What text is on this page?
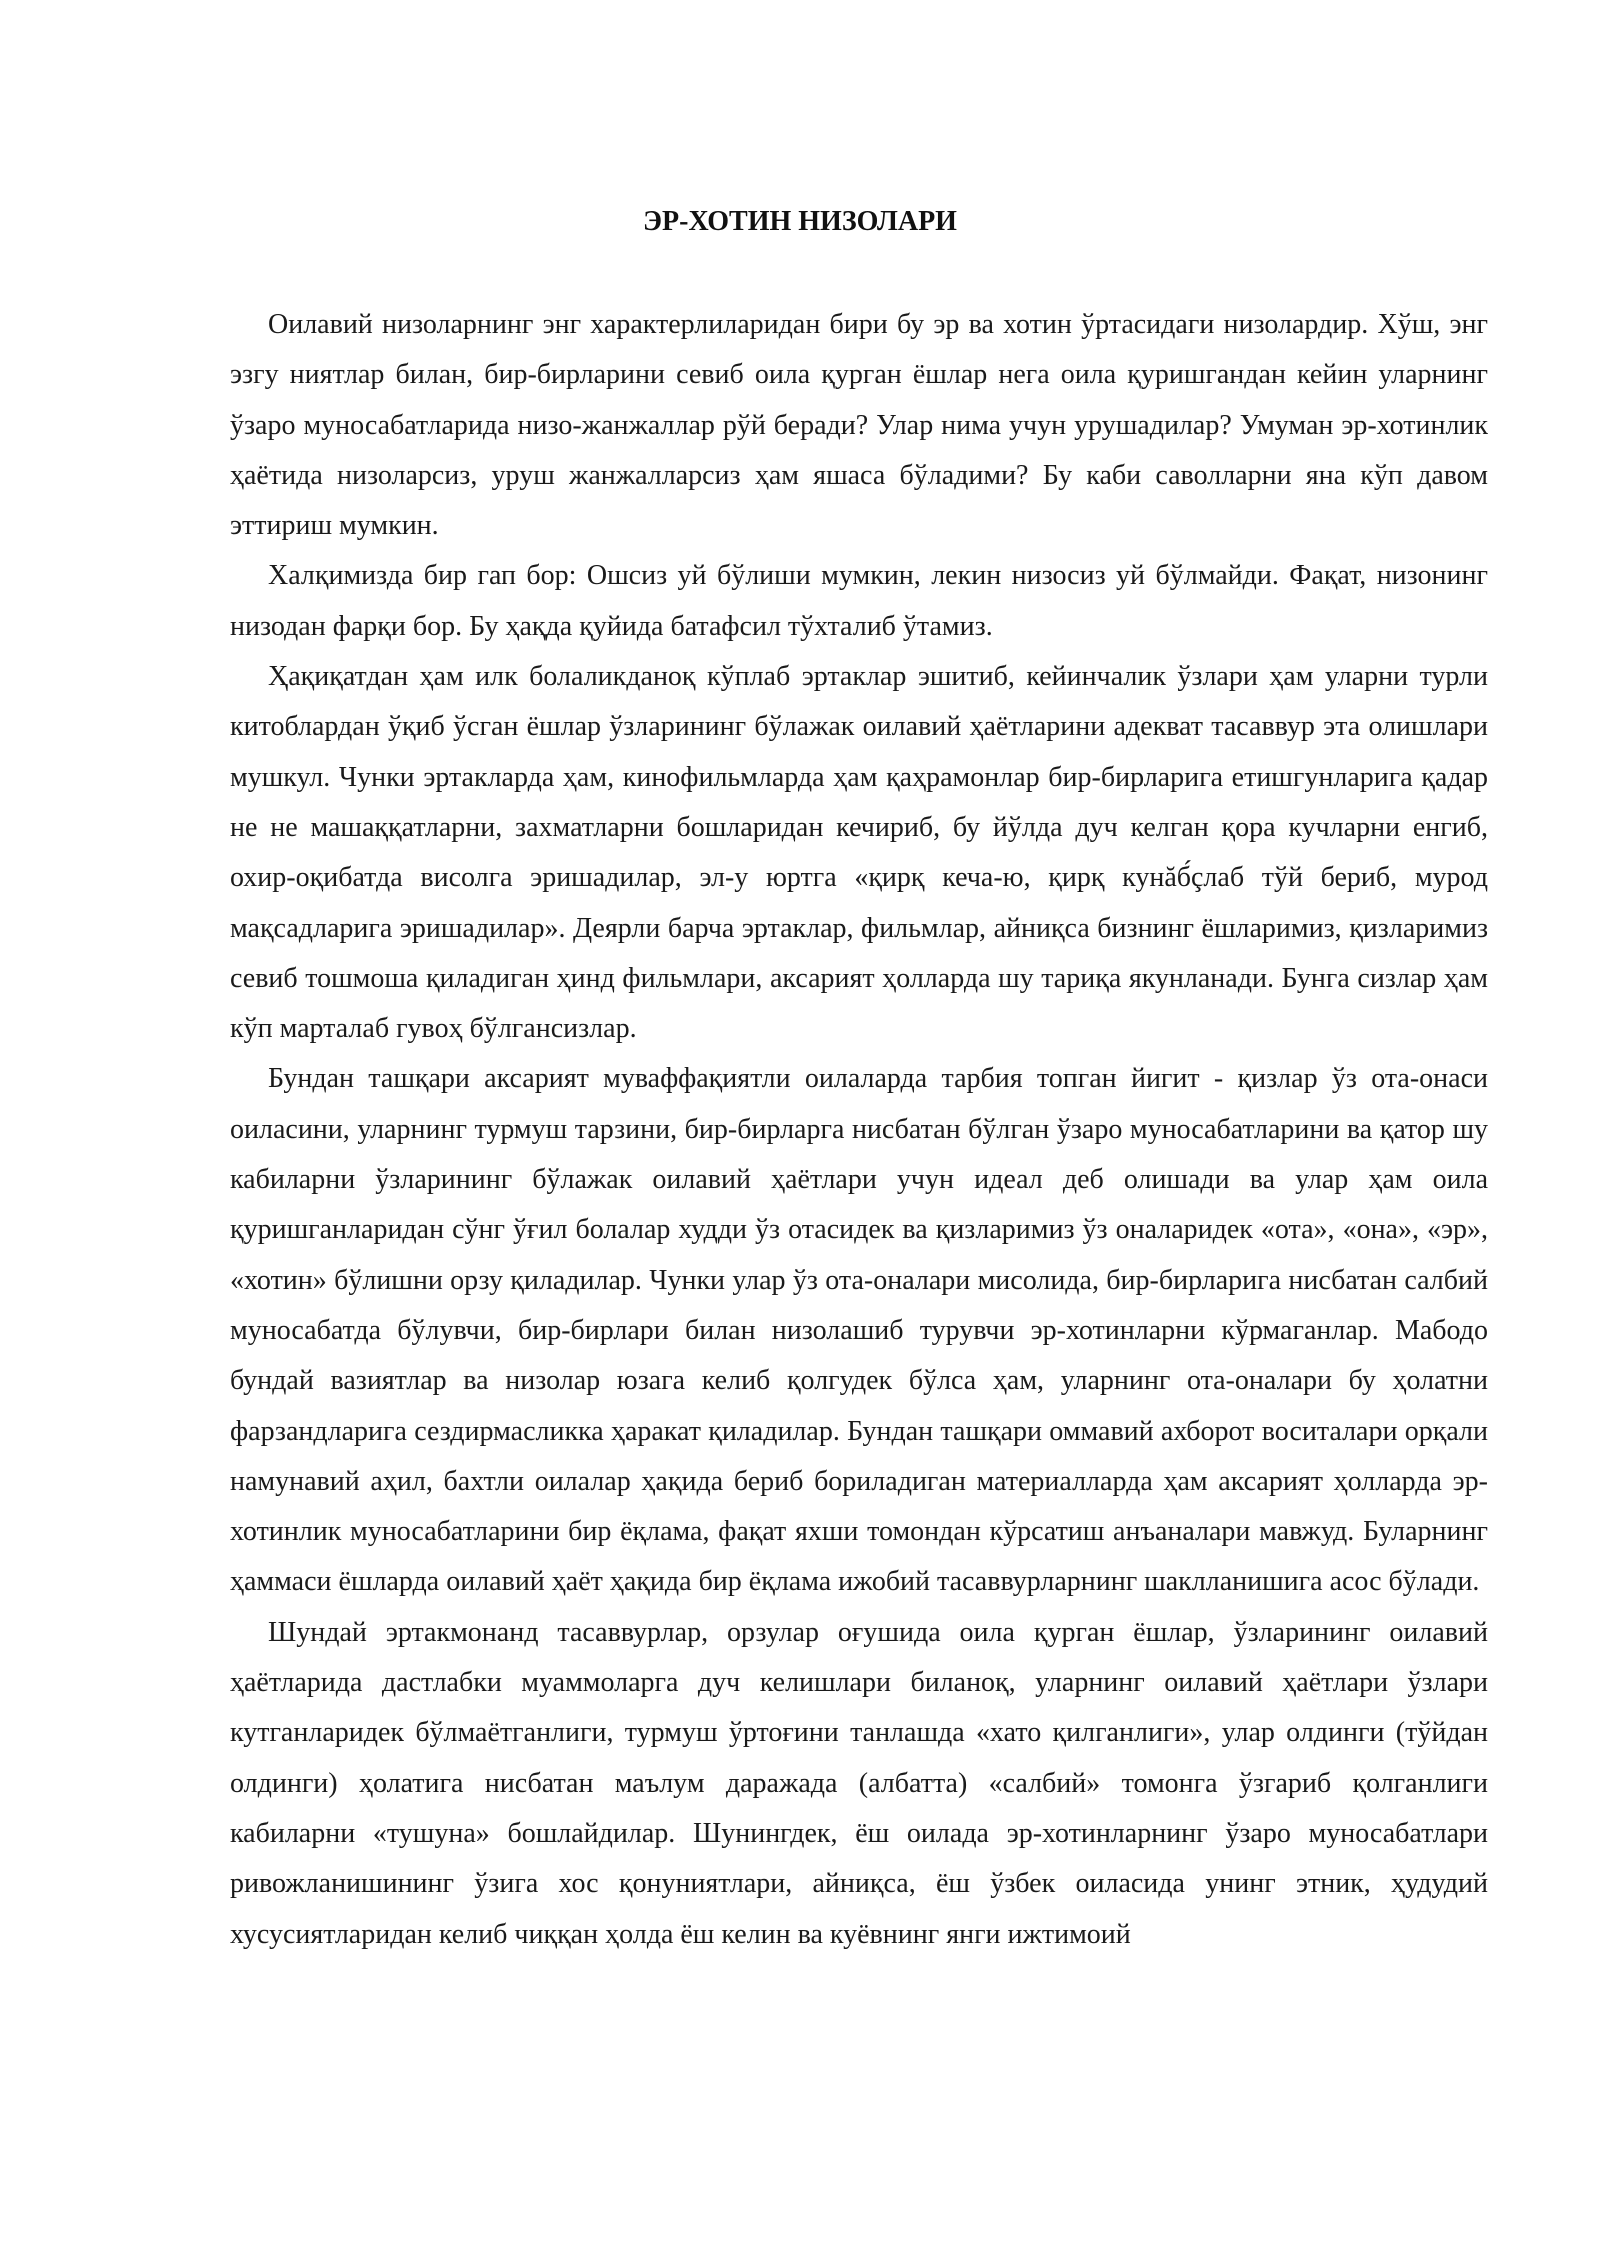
ЭР-ХОТИН НИЗОЛАРИ

Оилавий низоларнинг энг характерлиларидан бири бу эр ва хотин ўртасидаги низолардир. Хўш, энг эзгу ниятлар билан, бир-бирларини севиб оила қурган ёшлар нега оила қуришгандан кейин уларнинг ўзаро муносабатларида низо-жанжаллар рўй беради? Улар нима учун урушадилар? Умуман эр-хотинлик ҳаётида низоларсиз, уруш жанжалларсиз ҳам яшаса бўладими? Бу каби саволларни яна кўп давом эттириш мумкин.

Халқимизда бир гап бор: Ошсиз уй бўлиши мумкин, лекин низосиз уй бўлмайди. Фақат, низонинг низодан фарқи бор. Бу ҳақда қуйида батафсил тўхталиб ўтамиз.

Ҳақиқатдан ҳам илк болаликданоқ кўплаб эртаклар эшитиб, кейинчалик ўзлари ҳам уларни турли китоблардан ўқиб ўсган ёшлар ўзларининг бўлажак оилавий ҳаётларини адекват тасаввур эта олишлари мушкул. Чунки эртакларда ҳам, кинофильмларда ҳам қаҳрамонлар бир-бирларига етишгунларига қадар не не машаққатларни, захматларни бошларидан кечириб, бу йўлда дуч келган қора кучларни енгиб, охир-оқибатда висолга эришадилар, эл-у юртга «қирқ кеча-ю, қирқ кунăб́çлаб тўй бериб, мурод мақсадларига эришадилар». Деярли барча эртаклар, фильмлар, айниқса бизнинг ёшларимиз, қизларимиз севиб тошмоша қиладиган ҳинд фильмлари, аксарият ҳолларда шу тариқа якунланади. Бунга сизлар ҳам кўп марталаб гувоҳ бўлгансизлар.

Бундан ташқари аксарият муваффақиятли оилаларда тарбия топган йигит - қизлар ўз ота-онаси оиласини, уларнинг турмуш тарзини, бир-бирларга нисбатан бўлган ўзаро муносабатларини ва қатор шу кабиларни ўзларининг бўлажак оилавий ҳаётлари учун идеал деб олишади ва улар ҳам оила қуришганларидан сўнг ўғил болалар худди ўз отасидек ва қизларимиз ўз оналаридек «ота», «она», «эр», «хотин» бўлишни орзу қиладилар. Чунки улар ўз ота-оналари мисолида, бир-бирларига нисбатан салбий муносабатда бўлувчи, бир-бирлари билан низолашиб турувчи эр-хотинларни кўрмаганлар. Мабодо бундай вазиятлар ва низолар юзага келиб қолгудек бўлса ҳам, уларнинг ота-оналари бу ҳолатни фарзандларига сездирмасликка ҳаракат қиладилар. Бундан ташқари оммавий ахборот воситалари орқали намунавий аҳил, бахтли оилалар ҳақида бериб бориладиган материалларда ҳам аксарият ҳолларда эр-хотинлик муносабатларини бир ёқлама, фақат яхши томондан кўрсатиш анъаналари мавжуд. Буларнинг ҳаммаси ёшларда оилавий ҳаёт ҳақида бир ёқлама ижобий тасаввурларнинг шаклланишига асос бўлади.

Шундай эртакмонанд тасаввурлар, орзулар оғушида оила қурган ёшлар, ўзларининг оилавий ҳаётларида дастлабки муаммоларга дуч келишлари биланоқ, уларнинг оилавий ҳаётлари ўзлари кутганларидек бўлмаётганлиги, турмуш ўртоғини танлашда «хато қилганлиги», улар олдинги (тўйдан олдинги) ҳолатига нисбатан маълум даражада (албатта) «салбий» томонга ўзгариб қолганлиги кабиларни «тушуна» бошлайдилар. Шунингдек, ёш оилада эр-хотинларнинг ўзаро муносабатлари ривожланишининг ўзига хос қонуниятлари, айниқса, ёш ўзбек оиласида унинг этник, ҳудудий хусусиятларидан келиб чиққан ҳолда ёш келин ва куёвнинг янги ижтимоий
